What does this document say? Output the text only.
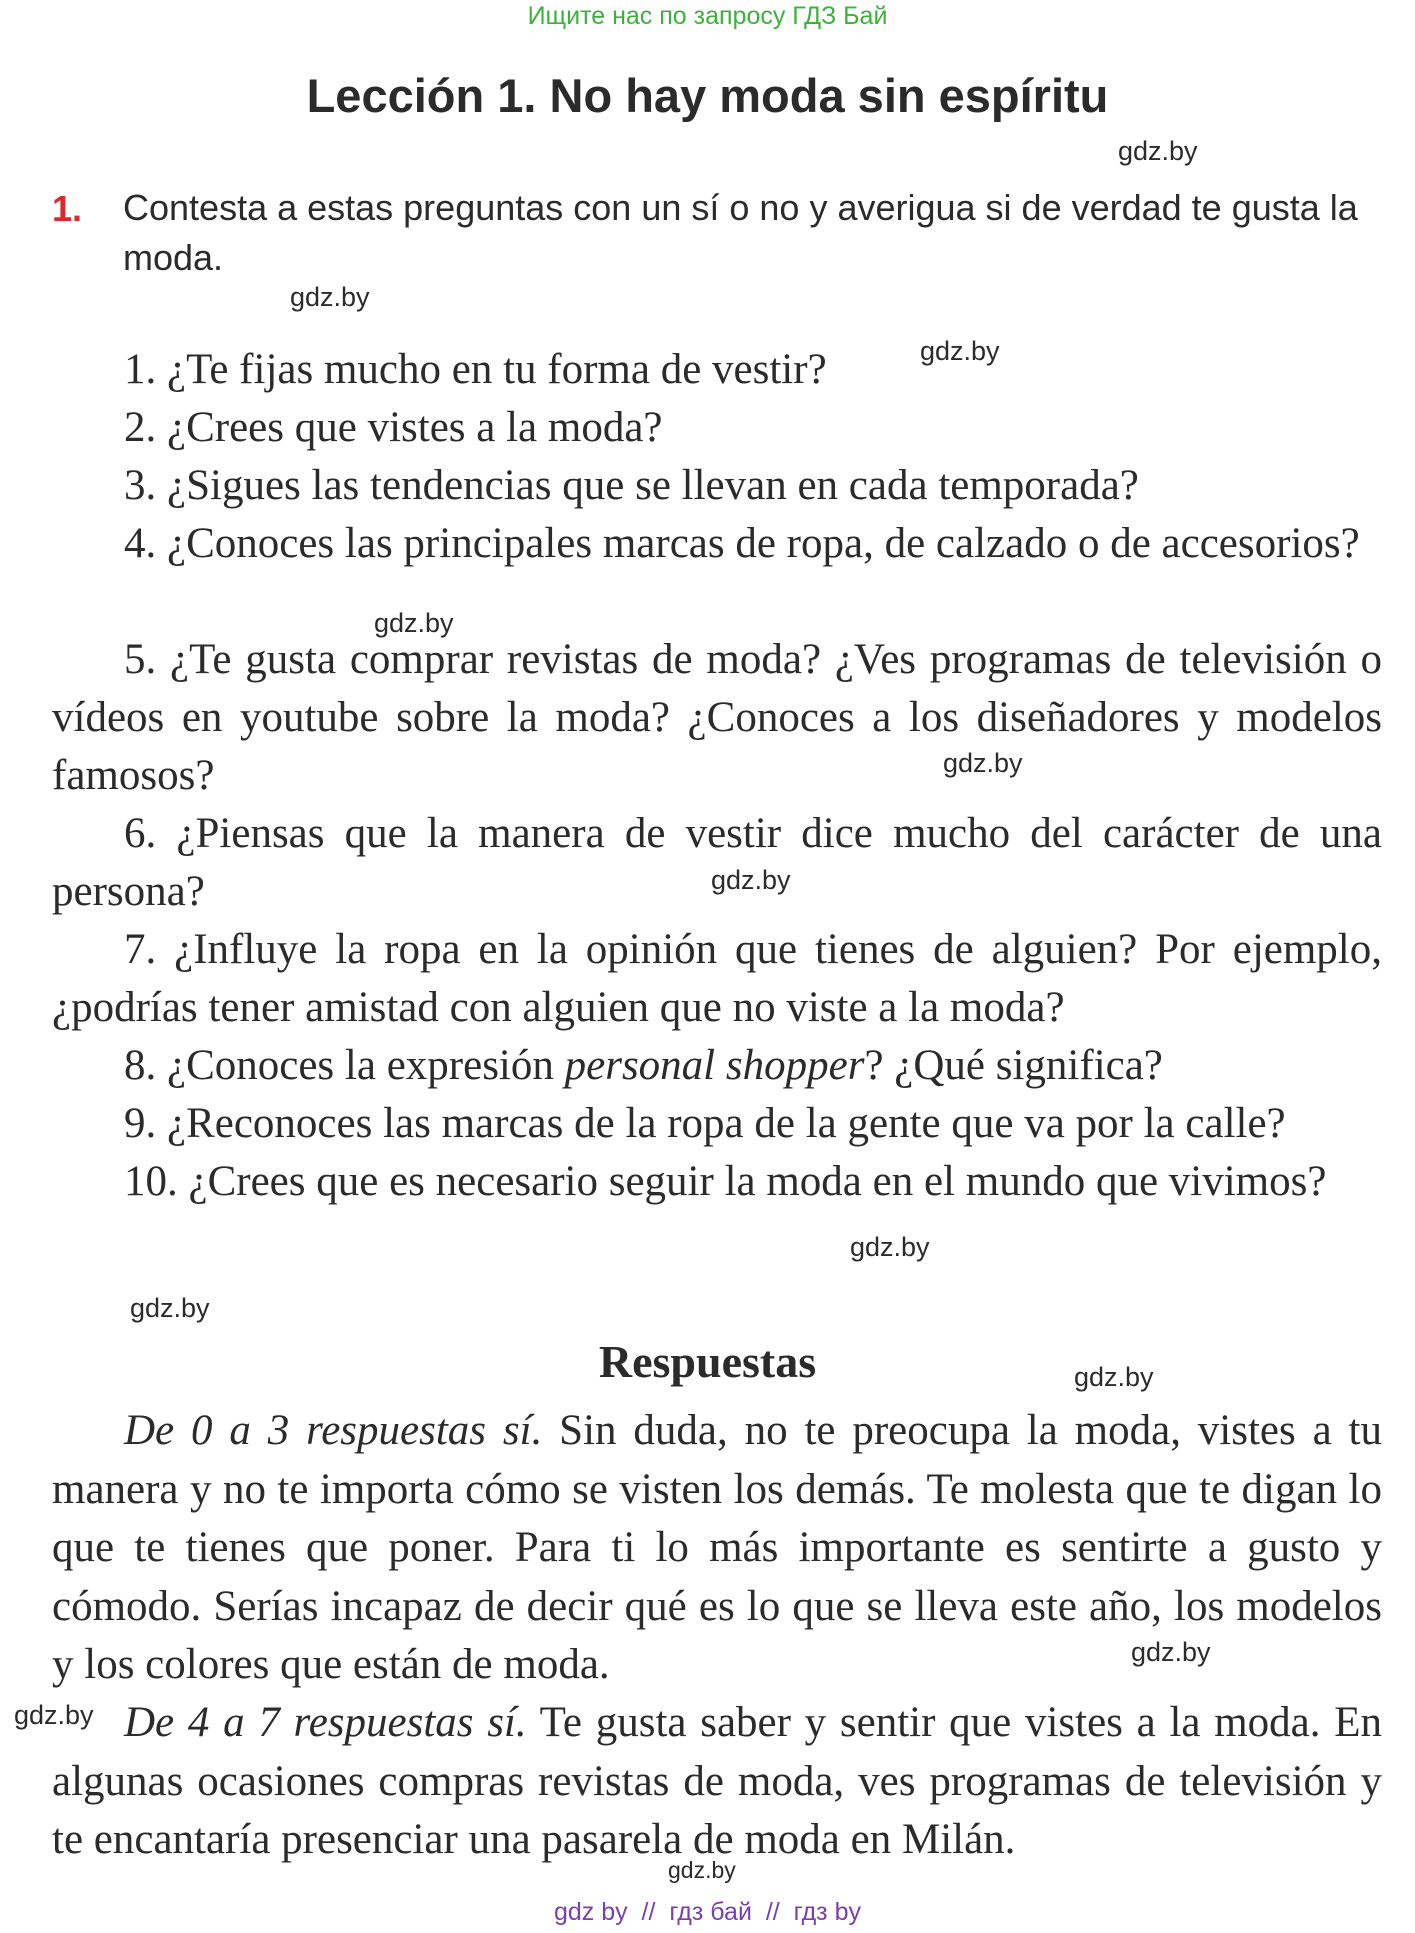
Ищите нас по запросу ГДЗ Бай
Lección 1. No hay moda sin espíritu
1. Contesta a estas preguntas con un sí o no y averigua si de verdad te gusta la moda.
1. ¿Te fijas mucho en tu forma de vestir?
2. ¿Crees que vistes a la moda?
3. ¿Sigues las tendencias que se llevan en cada temporada?
4. ¿Conoces las principales marcas de ropa, de calzado o de accesorios?
5. ¿Te gusta comprar revistas de moda? ¿Ves programas de televisión o vídeos en youtube sobre la moda? ¿Conoces a los diseñadores y modelos famosos?
6. ¿Piensas que la manera de vestir dice mucho del carácter de una persona?
7. ¿Influye la ropa en la opinión que tienes de alguien? Por ejemplo, ¿podrías tener amistad con alguien que no viste a la moda?
8. ¿Conoces la expresión personal shopper? ¿Qué significa?
9. ¿Reconoces las marcas de la ropa de la gente que va por la calle?
10. ¿Crees que es necesario seguir la moda en el mundo que vivimos?
Respuestas
De 0 a 3 respuestas sí. Sin duda, no te preocupa la moda, vistes a tu manera y no te importa cómo se visten los demás. Te molesta que te digan lo que te tienes que poner. Para ti lo más importante es sentirte a gusto y cómodo. Serías incapaz de decir qué es lo que se lleva este año, los modelos y los colores que están de moda.
De 4 a 7 respuestas sí. Te gusta saber y sentir que vistes a la moda. En algunas ocasiones compras revistas de moda, ves programas de televisión y te encantaría presenciar una pasarela de moda en Milán.
gdz.by
gdz.by
gdz.by
gdz.by
gdz.by
gdz.by
gdz.by
gdz.by
gdz.by
gdz.by
gdz.by
gdz.by
gdz by  //  гдз бай  //  гдз by
